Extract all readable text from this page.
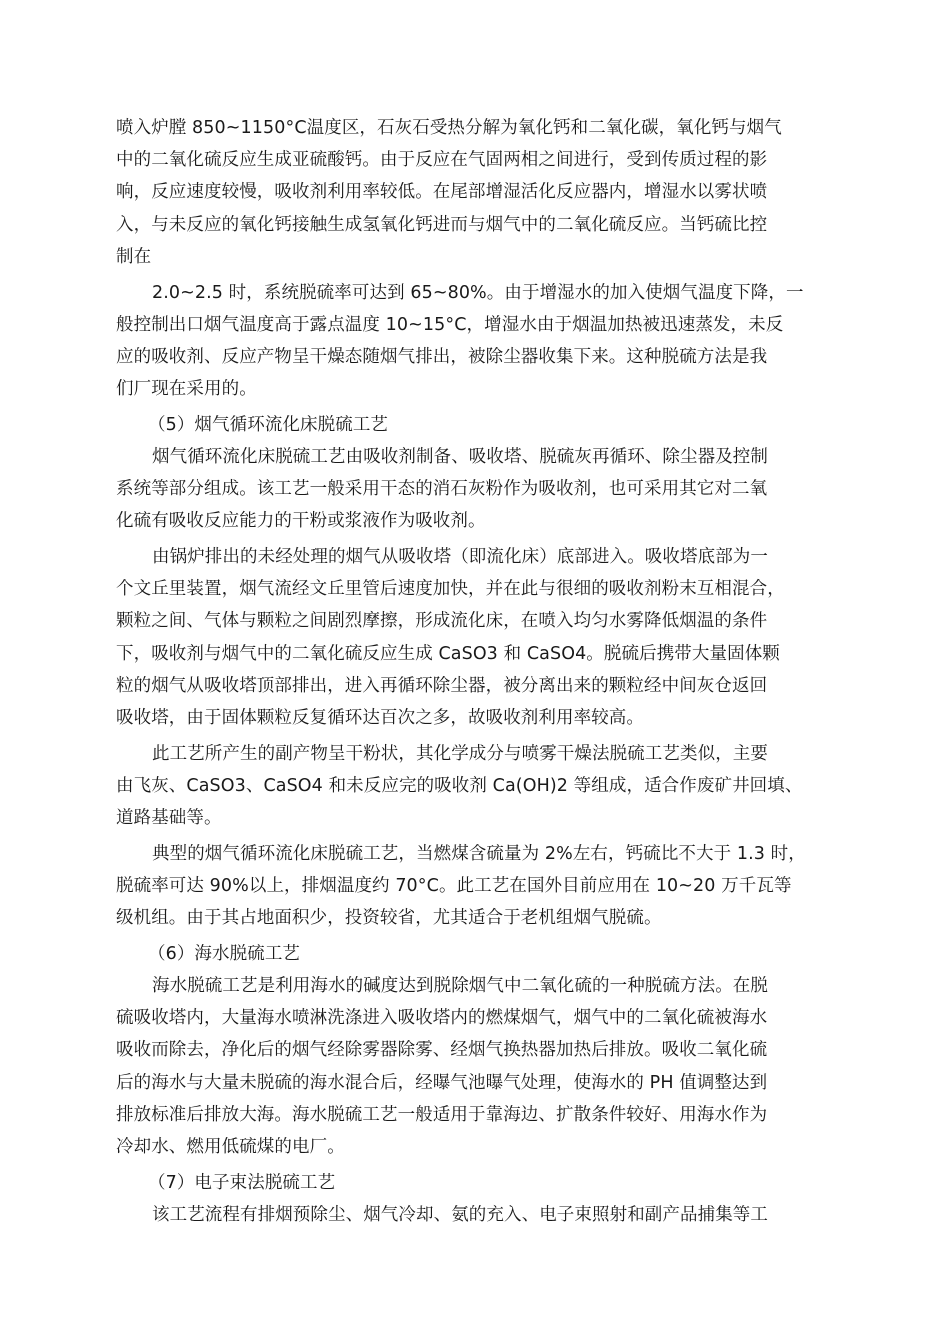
喷入炉膛 850~1150°C温度区，石灰石受热分解为氧化钙和二氧化碳，氧化钙与烟气
中的二氧化硫反应生成亚硫酸钙。由于反应在气固两相之间进行，受到传质过程的影
响，反应速度较慢，吸收剂利用率较低。在尾部增湿活化反应器内，增湿水以雾状喷
入，与未反应的氧化钙接触生成氢氧化钙进而与烟气中的二氧化硫反应。当钙硫比控
制在
2.0~2.5 时，系统脱硫率可达到 65~80%。由于增湿水的加入使烟气温度下降，一
般控制出口烟气温度高于露点温度 10~15°C，增湿水由于烟温加热被迅速蒸发，未反
应的吸收剂、反应产物呈干燥态随烟气排出，被除尘器收集下来。这种脱硫方法是我
们厂现在采用的。
（5）烟气循环流化床脱硫工艺
烟气循环流化床脱硫工艺由吸收剂制备、吸收塔、脱硫灰再循环、除尘器及控制
系统等部分组成。该工艺一般采用干态的消石灰粉作为吸收剂，也可采用其它对二氧
化硫有吸收反应能力的干粉或浆液作为吸收剂。
由锅炉排出的未经处理的烟气从吸收塔（即流化床）底部进入。吸收塔底部为一
个文丘里装置，烟气流经文丘里管后速度加快，并在此与很细的吸收剂粉末互相混合，
颗粒之间、气体与颗粒之间剧烈摩擦，形成流化床，在喷入均匀水雾降低烟温的条件
下，吸收剂与烟气中的二氧化硫反应生成 CaSO3 和 CaSO4。脱硫后携带大量固体颗
粒的烟气从吸收塔顶部排出，进入再循环除尘器，被分离出来的颗粒经中间灰仓返回
吸收塔，由于固体颗粒反复循环达百次之多，故吸收剂利用率较高。
此工艺所产生的副产物呈干粉状，其化学成分与喷雾干燥法脱硫工艺类似，主要
由飞灰、CaSO3、CaSO4 和未反应完的吸收剂 Ca(OH)2 等组成，适合作废矿井回填、
道路基础等。
典型的烟气循环流化床脱硫工艺，当燃煤含硫量为 2%左右，钙硫比不大于 1.3 时，
脱硫率可达 90%以上，排烟温度约 70°C。此工艺在国外目前应用在 10~20 万千瓦等
级机组。由于其占地面积少，投资较省，尤其适合于老机组烟气脱硫。
（6）海水脱硫工艺
海水脱硫工艺是利用海水的碱度达到脱除烟气中二氧化硫的一种脱硫方法。在脱
硫吸收塔内，大量海水喷淋洗涤进入吸收塔内的燃煤烟气，烟气中的二氧化硫被海水
吸收而除去，净化后的烟气经除雾器除雾、经烟气换热器加热后排放。吸收二氧化硫
后的海水与大量未脱硫的海水混合后，经曝气池曝气处理，使海水的 PH 值调整达到
排放标准后排放大海。海水脱硫工艺一般适用于靠海边、扩散条件较好、用海水作为
冷却水、燃用低硫煤的电厂。
（7）电子束法脱硫工艺
该工艺流程有排烟预除尘、烟气冷却、氨的充入、电子束照射和副产品捕集等工
